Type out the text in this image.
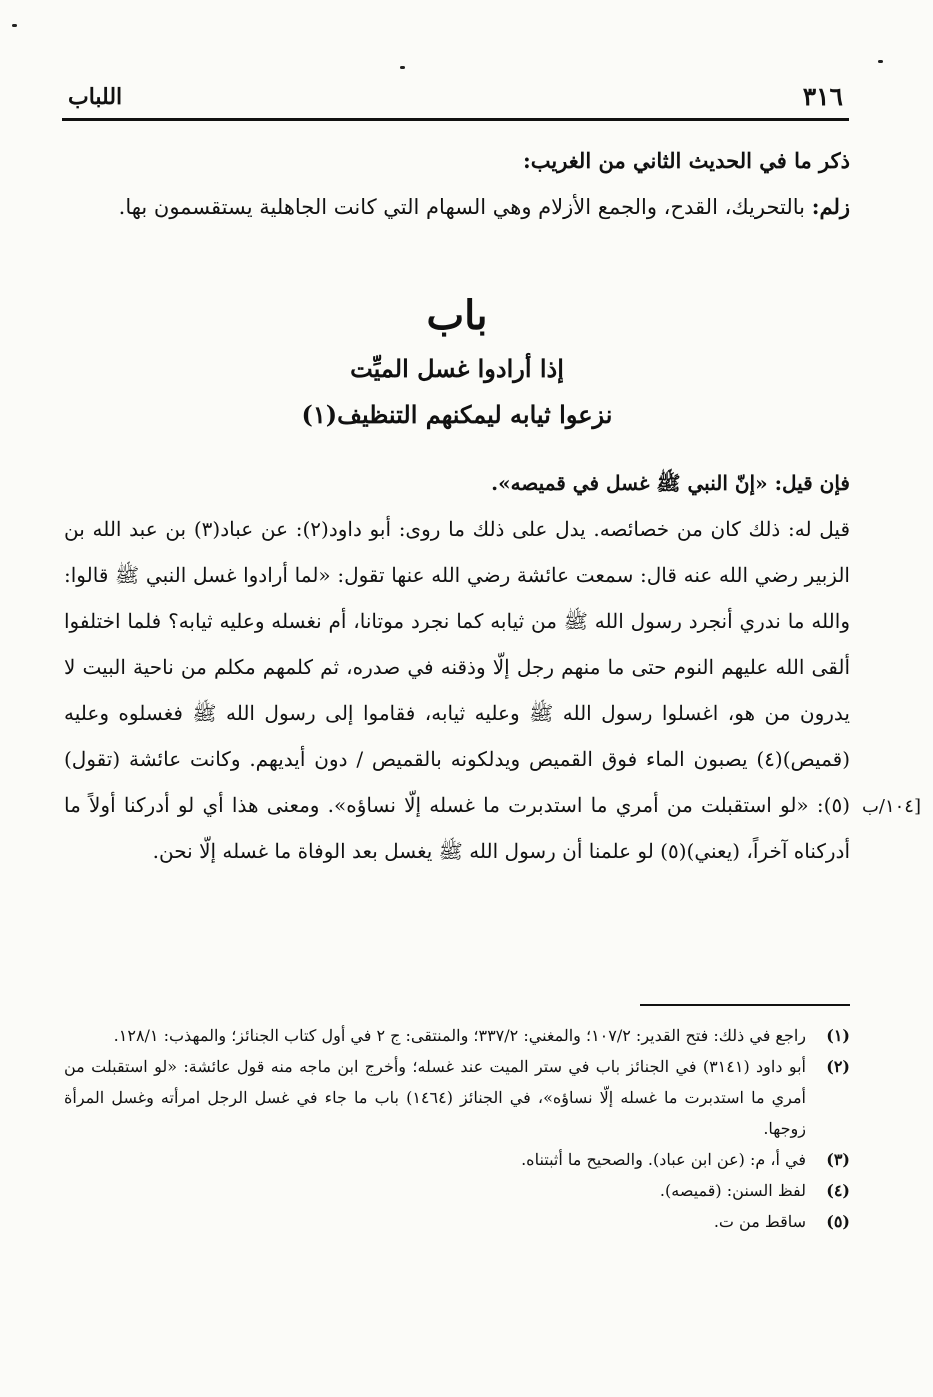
٣١٦
اللباب

ذكر ما في الحديث الثاني من الغريب:

زلم: بالتحريك، القدح، والجمع الأزلام وهي السهام التي كانت الجاهلية يستقسمون بها.

باب
إذا أرادوا غسل الميِّت
نزعوا ثيابه ليمكنهم التنظيف(١)

فإن قيل: «إنّ النبي ﷺ غسل في قميصه».

قيل له: ذلك كان من خصائصه. يدل على ذلك ما روى: أبو داود(٢): عن عباد(٣) بن عبد الله بن الزبير رضي الله عنه قال: سمعت عائشة رضي الله عنها تقول: «لما أرادوا غسل النبي ﷺ قالوا: والله ما ندري أنجرد رسول الله ﷺ من ثيابه كما نجرد موتانا، أم نغسله وعليه ثيابه؟ فلما اختلفوا ألقى الله عليهم النوم حتى ما منهم رجل إلّا وذقنه في صدره، ثم كلمهم مكلم من ناحية البيت لا يدرون من هو، اغسلوا رسول الله ﷺ وعليه ثيابه، فقاموا إلى رسول الله ﷺ فغسلوه وعليه (قميص)(٤) يصبون الماء فوق القميص ويدلكونه بالقميص / دون أيديهم. وكانت عائشة (تقول)(٥): «لو استقبلت من أمري ما استدبرت ما غسله إلّا نساؤه». ومعنى هذا أي لو أدركنا أولاً ما أدركناه آخراً، (يعني)(٥) لو علمنا أن رسول الله ﷺ يغسل بعد الوفاة ما غسله إلّا نحن.

١٠٤/ب]
(١)
راجع في ذلك: فتح القدير: ١٠٧/٢؛ والمغني: ٣٣٧/٢؛ والمنتقى: ج ٢ في أول كتاب الجنائز؛ والمهذب: ١٢٨/١.
(٢)
أبو داود (٣١٤١) في الجنائز باب في ستر الميت عند غسله؛ وأخرج ابن ماجه منه قول عائشة: «لو استقبلت من أمري ما استدبرت ما غسله إلّا نساؤه»، في الجنائز (١٤٦٤) باب ما جاء في غسل الرجل امرأته وغسل المرأة زوجها.
(٣)
في أ، م: (عن ابن عباد). والصحيح ما أثبتناه.
(٤)
لفظ السنن: (قميصه).
(٥)
ساقط من ت.
